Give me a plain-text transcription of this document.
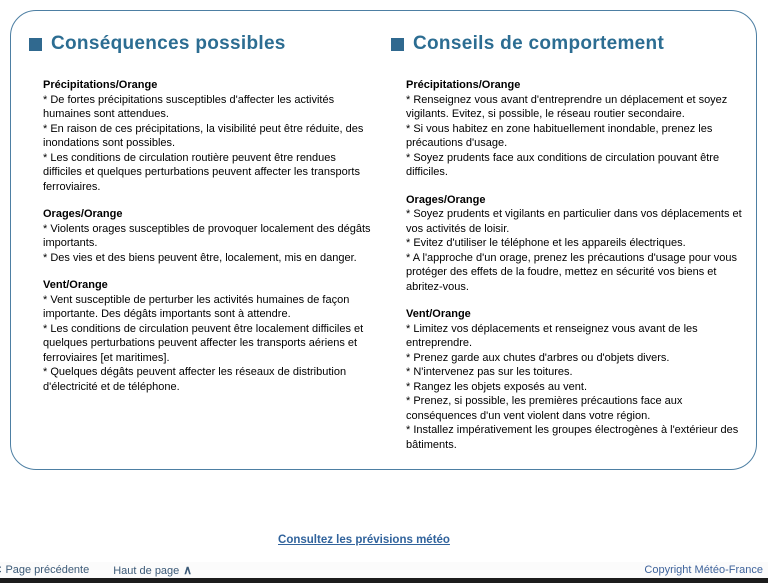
Conséquences possibles
Précipitations/Orange

* De fortes précipitations susceptibles d'affecter les activités humaines sont attendues.

* En raison de ces précipitations, la visibilité peut être réduite, des inondations sont possibles.

* Les conditions de circulation routière peuvent être rendues difficiles et quelques perturbations peuvent affecter les transports ferroviaires.

Orages/Orange

* Violents orages susceptibles de provoquer localement des dégâts importants.

* Des vies et des biens peuvent être, localement, mis en danger.

Vent/Orange

* Vent susceptible de perturber les activités humaines de façon importante. Des dégâts importants sont à attendre.

* Les conditions de circulation peuvent être localement difficiles et quelques perturbations peuvent affecter les transports aériens et ferroviaires [et maritimes].

* Quelques dégâts peuvent affecter les réseaux de distribution d'électricité et de téléphone.

Conseils de comportement
Précipitations/Orange

* Renseignez vous avant d'entreprendre un déplacement et soyez vigilants. Evitez, si possible, le réseau routier secondaire.

* Si vous habitez en zone habituellement inondable, prenez les précautions d'usage.

* Soyez prudents face aux conditions de circulation pouvant être difficiles.

Orages/Orange

* Soyez prudents et vigilants en particulier dans vos déplacements et vos activités de loisir.

* Evitez d'utiliser le téléphone et les appareils électriques.

* A l'approche d'un orage, prenez les précautions d'usage pour vous protéger des effets de la foudre, mettez en sécurité vos biens et abritez-vous.

Vent/Orange

* Limitez vos déplacements et renseignez vous avant de les entreprendre.

* Prenez garde aux chutes d'arbres ou d'objets divers.

* N'intervenez pas sur les toitures.

* Rangez les objets exposés au vent.

* Prenez, si possible, les premières précautions face aux conséquences d'un vent violent dans votre région.

* Installez impérativement les groupes électrogènes à l'extérieur des bâtiments.

Consultez les prévisions météo
Page précédente Haut de page ∧	Copyright Météo-France
